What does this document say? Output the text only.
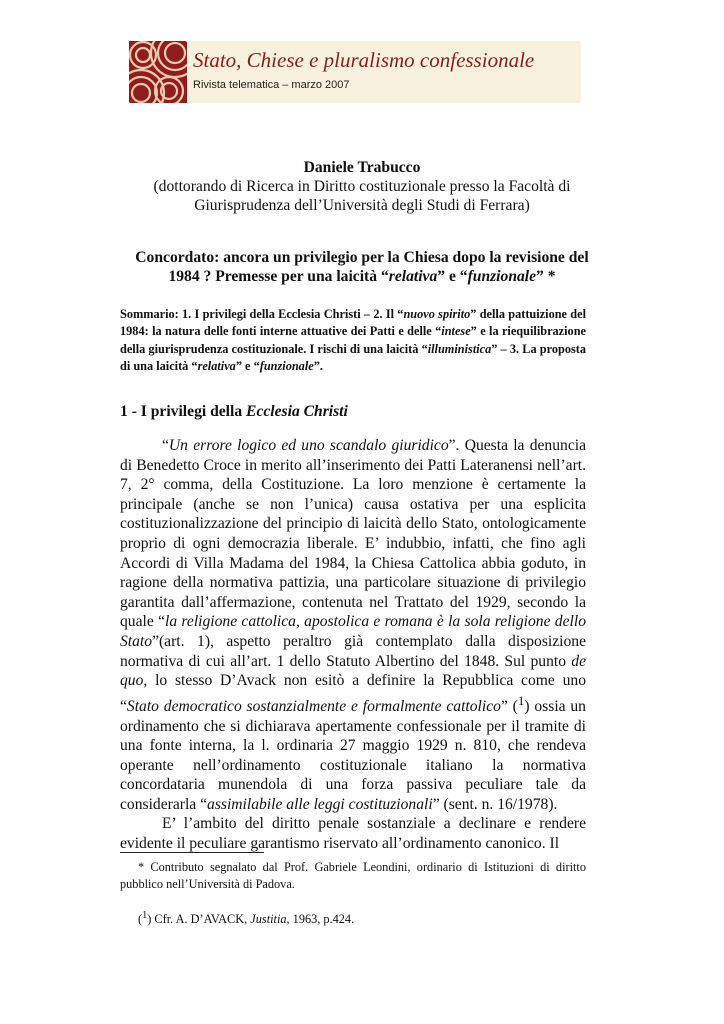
Stato, Chiese e pluralismo confessionale
Rivista telematica – marzo 2007
Daniele Trabucco
(dottorando di Ricerca in Diritto costituzionale presso la Facoltà di
Giurisprudenza dell’Università degli Studi di Ferrara)
Concordato: ancora un privilegio per la Chiesa dopo la revisione del
1984 ? Premesse per una laicità “relativa” e “funzionale” *
Sommario: 1. I privilegi della Ecclesia Christi – 2. Il “nuovo spirito” della pattuizione del 1984: la natura delle fonti interne attuative dei Patti e delle “intese” e la riequilibrazione della giurisprudenza costituzionale. I rischi di una laicità “illuministica” – 3. La proposta di una laicità “relativa” e “funzionale”.
1 - I privilegi della Ecclesia Christi

“Un errore logico ed uno scandalo giuridico”. Questa la denuncia di Benedetto Croce in merito all’inserimento dei Patti Lateranensi nell’art. 7, 2° comma, della Costituzione. La loro menzione è certamente la principale (anche se non l’unica) causa ostativa per una esplicita costituzionalizzazione del principio di laicità dello Stato, ontologicamente proprio di ogni democrazia liberale. E’ indubbio, infatti, che fino agli Accordi di Villa Madama del 1984, la Chiesa Cattolica abbia goduto, in ragione della normativa pattizia, una particolare situazione di privilegio garantita dall’affermazione, contenuta nel Trattato del 1929, secondo la quale “la religione cattolica, apostolica e romana è la sola religione dello Stato”(art. 1), aspetto peraltro già contemplato dalla disposizione normativa di cui all’art. 1 dello Statuto Albertino del 1848. Sul punto de quo, lo stesso D’Avack non esitò a definire la Repubblica come uno “Stato democratico sostanzialmente e formalmente cattolico” ($^1$) ossia un ordinamento che si dichiarava apertamente confessionale per il tramite di una fonte interna, la l. ordinaria 27 maggio 1929 n. 810, che rendeva operante nell’ordinamento costituzionale italiano la normativa concordataria munendola di una forza passiva peculiare tale da considerarla “assimilabile alle leggi costituzionali” (sent. n. 16/1978).

E’ l’ambito del diritto penale sostanziale a declinare e rendere evidente il peculiare garantismo riservato all’ordinamento canonico. Il

* Contributo segnalato dal Prof. Gabriele Leondini, ordinario di Istituzioni di diritto pubblico nell’Università di Padova.
($^1$) Cfr. A. D’AVACK, Justitia, 1963, p.424.
